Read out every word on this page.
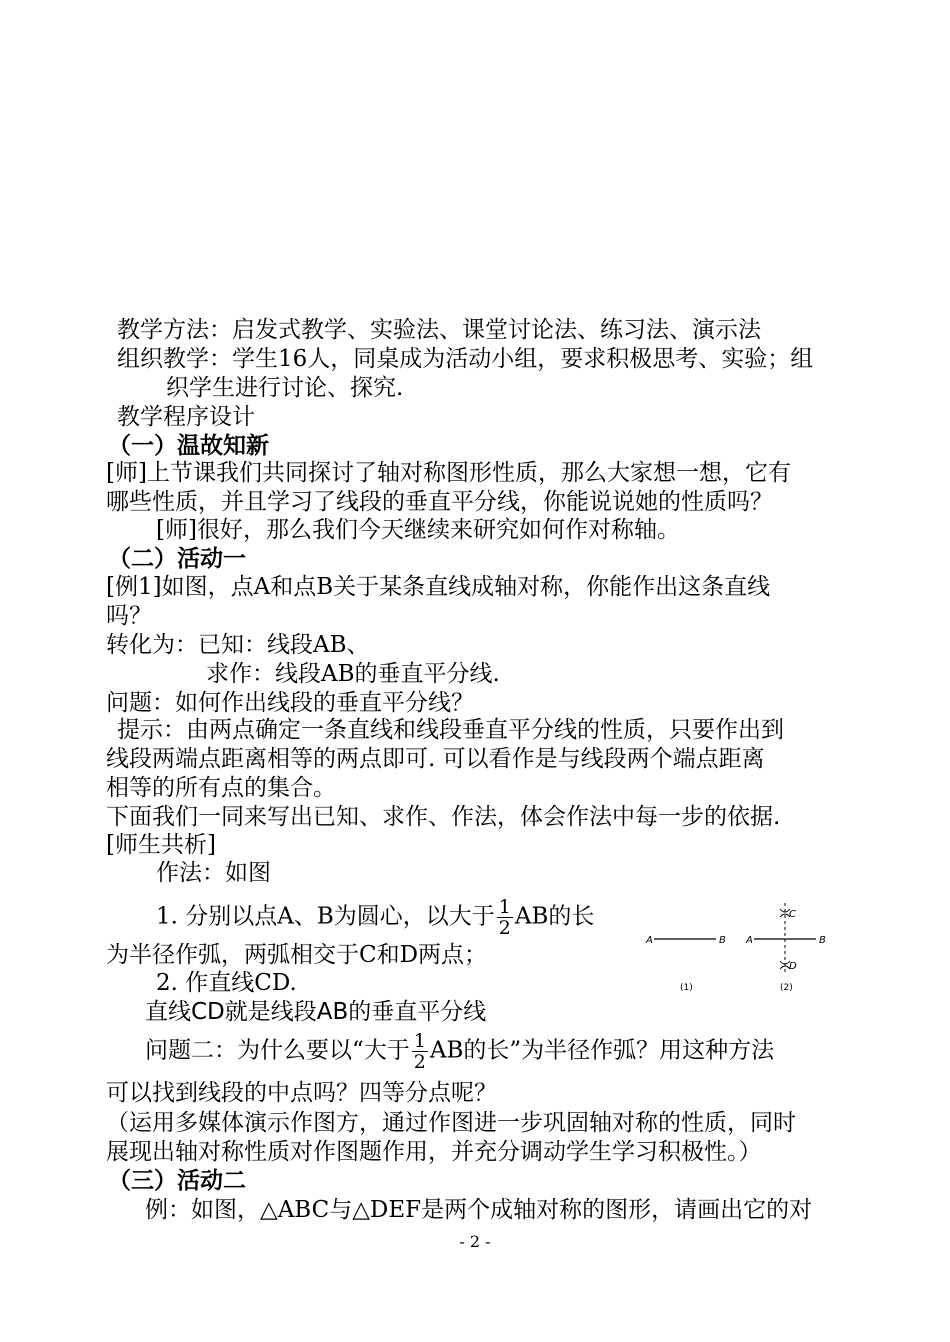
教学方法：启发式教学、实验法、课堂讨论法、练习法、演示法
组织教学：学生16人，同桌成为活动小组，要求积极思考、实验；组
织学生进行讨论、探究.
教学程序设计
（一）温故知新
[师]上节课我们共同探讨了轴对称图形性质，那么大家想一想，它有
哪些性质，并且学习了线段的垂直平分线，你能说说她的性质吗？
[师]很好，那么我们今天继续来研究如何作对称轴。
（二）活动一
[例1]如图，点A和点B关于某条直线成轴对称，你能作出这条直线
吗？
转化为：已知：线段AB、
求作：线段AB的垂直平分线.
问题：如何作出线段的垂直平分线？
提示：由两点确定一条直线和线段垂直平分线的性质，只要作出到
线段两端点距离相等的两点即可. 可以看作是与线段两个端点距离
相等的所有点的集合。
下面我们一同来写出已知、求作、作法，体会作法中每一步的依据.
[师生共析]
作法：如图
1. 分别以点A、B为圆心，以大于 $\frac{1}{2}$ AB的长
为半径作弧，两弧相交于C和D两点；
2. 作直线CD.
直线CD就是线段AB的垂直平分线
问题二：为什么要以“大于 $\frac{1}{2}$ AB的长”为半径作弧？用这种方法
可以找到线段的中点吗？四等分点呢？
（运用多媒体演示作图方，通过作图进一步巩固轴对称的性质，同时
展现出轴对称性质对作图题作用，并充分调动学生学习积极性。）
（三）活动二
例：如图，△ABC与△DEF是两个成轴对称的图形，请画出它的对
A	B
(1)
A	B
C
D
(2)
- 2 -
